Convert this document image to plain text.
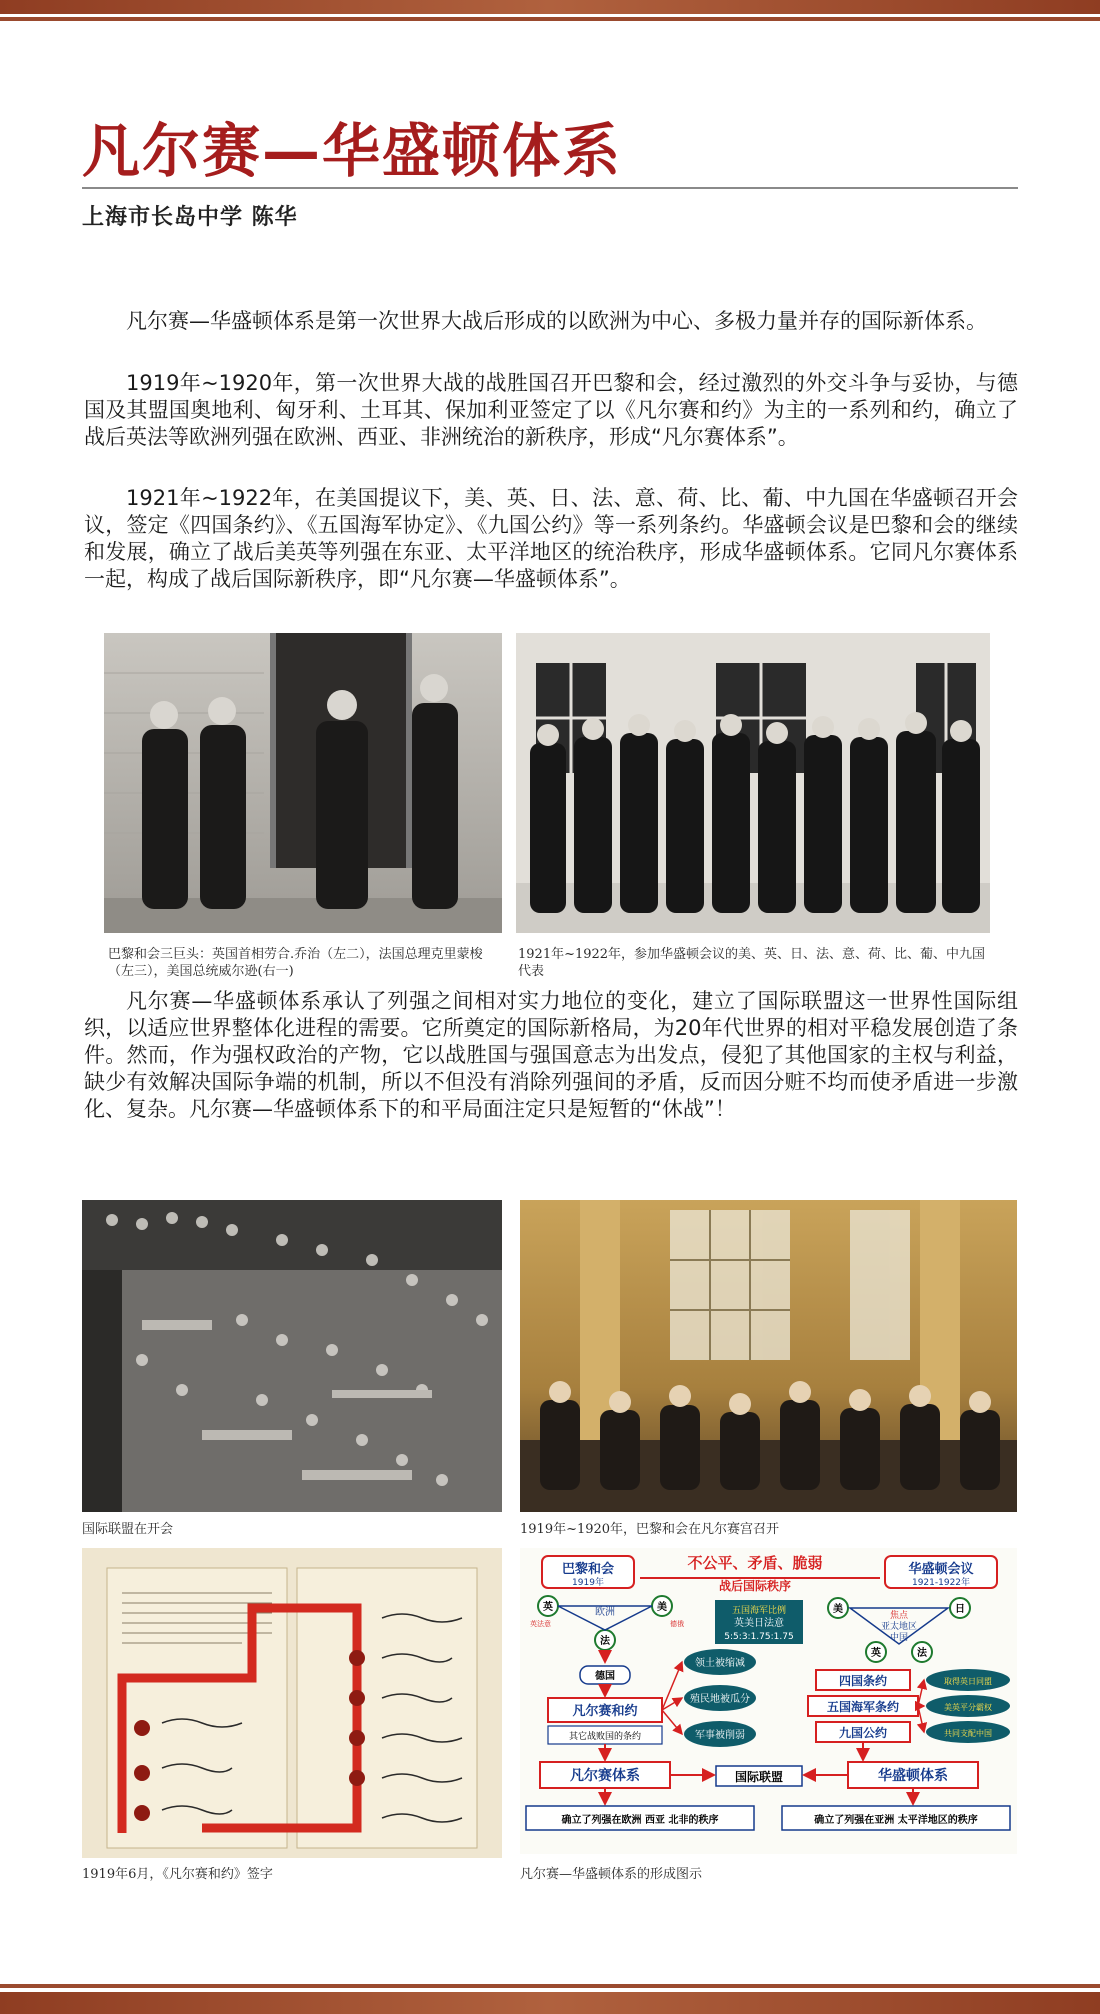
凡尔赛—华盛顿体系
上海市长岛中学 陈华

凡尔赛—华盛顿体系是第一次世界大战后形成的以欧洲为中心、多极力量并存的国际新体系。

1919年~1920年，第一次世界大战的战胜国召开巴黎和会，经过激烈的外交斗争与妥协，与德国及其盟国奥地利、匈牙利、土耳其、保加利亚签定了以《凡尔赛和约》为主的一系列和约，确立了战后英法等欧洲列强在欧洲、西亚、非洲统治的新秩序，形成“凡尔赛体系”。

1921年~1922年，在美国提议下，美、英、日、法、意、荷、比、葡、中九国在华盛顿召开会议，签定《四国条约》、《五国海军协定》、《九国公约》等一系列条约。华盛顿会议是巴黎和会的继续和发展，确立了战后美英等列强在东亚、太平洋地区的统治秩序，形成华盛顿体系。它同凡尔赛体系一起，构成了战后国际新秩序，即“凡尔赛—华盛顿体系”。

巴黎和会三巨头：英国首相劳合.乔治（左二），法国总理克里蒙梭（左三），美国总统威尔逊(右一)
1921年~1922年，参加华盛顿会议的美、英、日、法、意、荷、比、葡、中九国代表

凡尔赛—华盛顿体系承认了列强之间相对实力地位的变化，建立了国际联盟这一世界性国际组织，以适应世界整体化进程的需要。它所奠定的国际新格局，为20年代世界的相对平稳发展创造了条件。然而，作为强权政治的产物，它以战胜国与强国意志为出发点，侵犯了其他国家的主权与利益，缺少有效解决国际争端的机制，所以不但没有消除列强间的矛盾，反而因分赃不均而使矛盾进一步激化、复杂。凡尔赛—华盛顿体系下的和平局面注定只是短暂的“休战”！

国际联盟在开会	1919年~1920年，巴黎和会在凡尔赛宫召开
1919年6月，《凡尔赛和约》签字
巴黎和会
1919年
不公平、矛盾、脆弱
战后国际秩序
华盛顿会议
1921-1922年
英	美
法
欧洲
英法意	德俄
德国
凡尔赛和约
其它战败国的条约
领土被缩减
殖民地被瓜分
军事被削弱
五国海军比例
英美日法意
5:5:3:1.75:1.75
美	日
英	法
焦点
亚太地区
中国
四国条约
五国海军条约
九国公约
取得英日同盟
美英平分霸权
共同支配中国
凡尔赛体系	国际联盟	华盛顿体系
确立了列强在欧洲 西亚 北非的秩序	确立了列强在亚洲 太平洋地区的秩序
凡尔赛—华盛顿体系的形成图示
